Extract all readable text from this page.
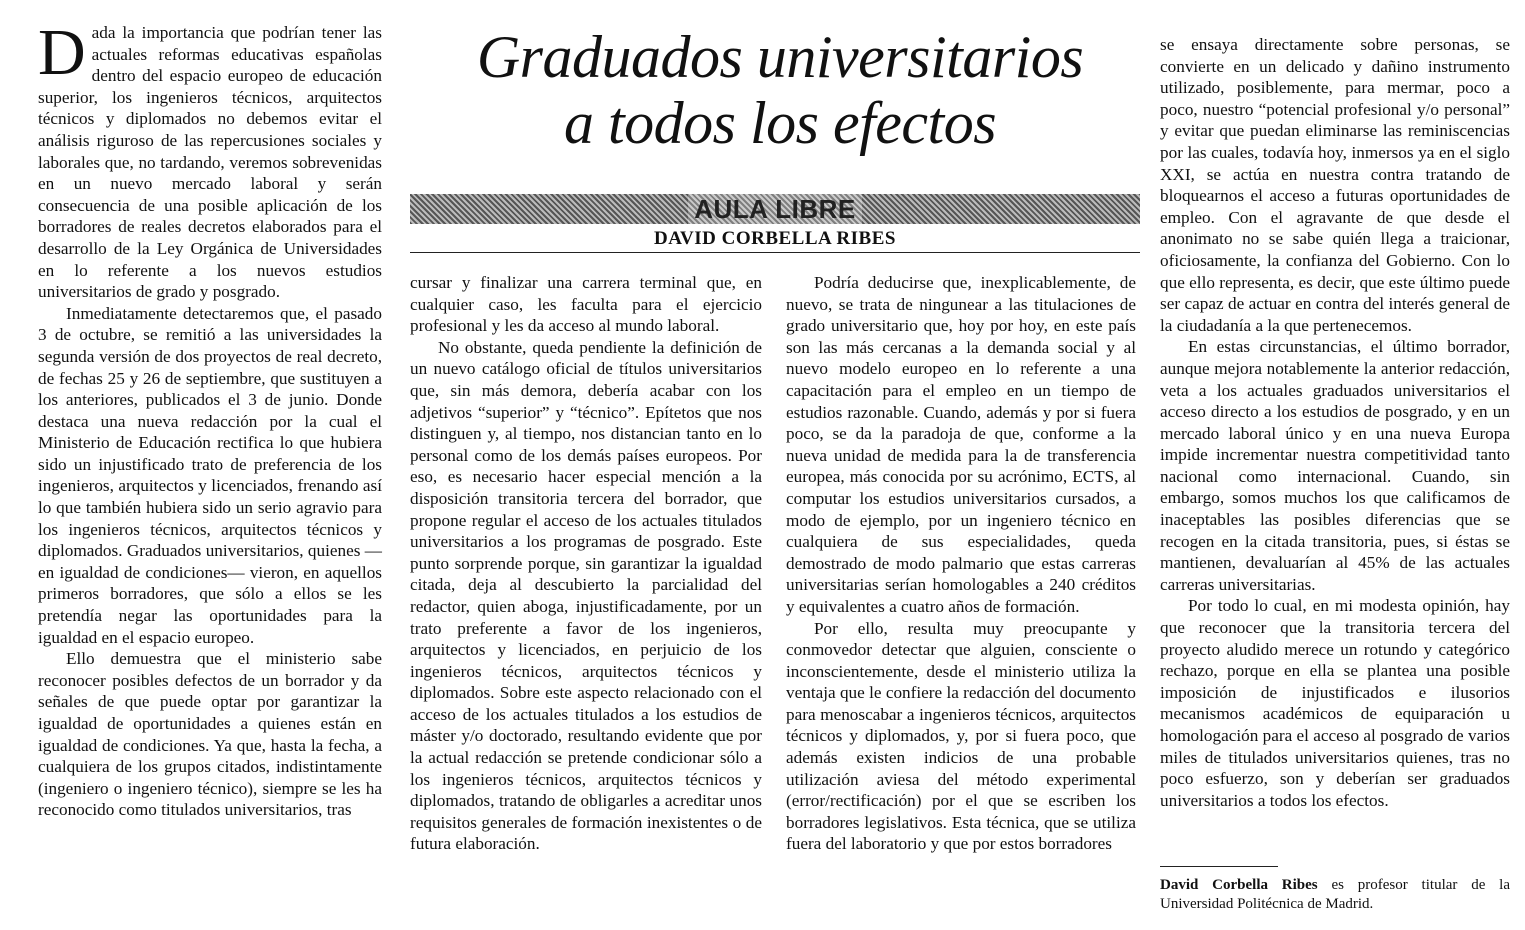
Graduados universitarios
a todos los efectos
AULA LIBRE
DAVID CORBELLA RIBES

Dada la importancia que podrían tener las actuales reformas educativas españolas dentro del espacio europeo de educación superior, los ingenieros técnicos, arquitectos técnicos y diplomados no debemos evitar el análisis riguroso de las repercusiones sociales y laborales que, no tardando, veremos sobrevenidas en un nuevo mercado laboral y serán consecuencia de una posible aplicación de los borradores de reales decretos elaborados para el desarrollo de la Ley Orgánica de Universidades en lo referente a los nuevos estudios universitarios de grado y posgrado.

Inmediatamente detectaremos que, el pasado 3 de octubre, se remitió a las universidades la segunda versión de dos proyectos de real decreto, de fechas 25 y 26 de septiembre, que sustituyen a los anteriores, publicados el 3 de junio. Donde destaca una nueva redacción por la cual el Ministerio de Educación rectifica lo que hubiera sido un injustificado trato de preferencia de los ingenieros, arquitectos y licenciados, frenando así lo que también hubiera sido un serio agravio para los ingenieros técnicos, arquitectos técnicos y diplomados. Graduados universitarios, quienes —en igualdad de condiciones— vieron, en aquellos primeros borradores, que sólo a ellos se les pretendía negar las oportunidades para la igualdad en el espacio europeo.

Ello demuestra que el ministerio sabe reconocer posibles defectos de un borrador y da señales de que puede optar por garantizar la igualdad de oportunidades a quienes están en igualdad de condiciones. Ya que, hasta la fecha, a cualquiera de los grupos citados, indistintamente (ingeniero o ingeniero técnico), siempre se les ha reconocido como titulados universitarios, tras

cursar y finalizar una carrera terminal que, en cualquier caso, les faculta para el ejercicio profesional y les da acceso al mundo laboral.

No obstante, queda pendiente la definición de un nuevo catálogo oficial de títulos universitarios que, sin más demora, debería acabar con los adjetivos “superior” y “técnico”. Epítetos que nos distinguen y, al tiempo, nos distancian tanto en lo personal como de los demás países europeos. Por eso, es necesario hacer especial mención a la disposición transitoria tercera del borrador, que propone regular el acceso de los actuales titulados universitarios a los programas de posgrado. Este punto sorprende porque, sin garantizar la igualdad citada, deja al descubierto la parcialidad del redactor, quien aboga, injustificadamente, por un trato preferente a favor de los ingenieros, arquitectos y licenciados, en perjuicio de los ingenieros técnicos, arquitectos técnicos y diplomados. Sobre este aspecto relacionado con el acceso de los actuales titulados a los estudios de máster y/o doctorado, resultando evidente que por la actual redacción se pretende condicionar sólo a los ingenieros técnicos, arquitectos técnicos y diplomados, tratando de obligarles a acreditar unos requisitos generales de formación inexistentes o de futura elaboración.

Podría deducirse que, inexplicablemente, de nuevo, se trata de ningunear a las titulaciones de grado universitario que, hoy por hoy, en este país son las más cercanas a la demanda social y al nuevo modelo europeo en lo referente a una capacitación para el empleo en un tiempo de estudios razonable. Cuando, además y por si fuera poco, se da la paradoja de que, conforme a la nueva unidad de medida para la de transferencia europea, más conocida por su acrónimo, ECTS, al computar los estudios universitarios cursados, a modo de ejemplo, por un ingeniero técnico en cualquiera de sus especialidades, queda demostrado de modo palmario que estas carreras universitarias serían homologables a 240 créditos y equivalentes a cuatro años de formación.

Por ello, resulta muy preocupante y conmovedor detectar que alguien, consciente o inconscientemente, desde el ministerio utiliza la ventaja que le confiere la redacción del documento para menoscabar a ingenieros técnicos, arquitectos técnicos y diplomados, y, por si fuera poco, que además existen indicios de una probable utilización aviesa del método experimental (error/rectificación) por el que se escriben los borradores legislativos. Esta técnica, que se utiliza fuera del laboratorio y que por estos borradores

se ensaya directamente sobre personas, se convierte en un delicado y dañino instrumento utilizado, posiblemente, para mermar, poco a poco, nuestro “potencial profesional y/o personal” y evitar que puedan eliminarse las reminiscencias por las cuales, todavía hoy, inmersos ya en el siglo XXI, se actúa en nuestra contra tratando de bloquearnos el acceso a futuras oportunidades de empleo. Con el agravante de que desde el anonimato no se sabe quién llega a traicionar, oficiosamente, la confianza del Gobierno. Con lo que ello representa, es decir, que este último puede ser capaz de actuar en contra del interés general de la ciudadanía a la que pertenecemos.

En estas circunstancias, el último borrador, aunque mejora notablemente la anterior redacción, veta a los actuales graduados universitarios el acceso directo a los estudios de posgrado, y en un mercado laboral único y en una nueva Europa impide incrementar nuestra competitividad tanto nacional como internacional. Cuando, sin embargo, somos muchos los que calificamos de inaceptables las posibles diferencias que se recogen en la citada transitoria, pues, si éstas se mantienen, devaluarían al 45% de las actuales carreras universitarias.

Por todo lo cual, en mi modesta opinión, hay que reconocer que la transitoria tercera del proyecto aludido merece un rotundo y categórico rechazo, porque en ella se plantea una posible imposición de injustificados e ilusorios mecanismos académicos de equiparación u homologación para el acceso al posgrado de varios miles de titulados universitarios quienes, tras no poco esfuerzo, son y deberían ser graduados universitarios a todos los efectos.

David Corbella Ribes es profesor titular de la Universidad Politécnica de Madrid.
